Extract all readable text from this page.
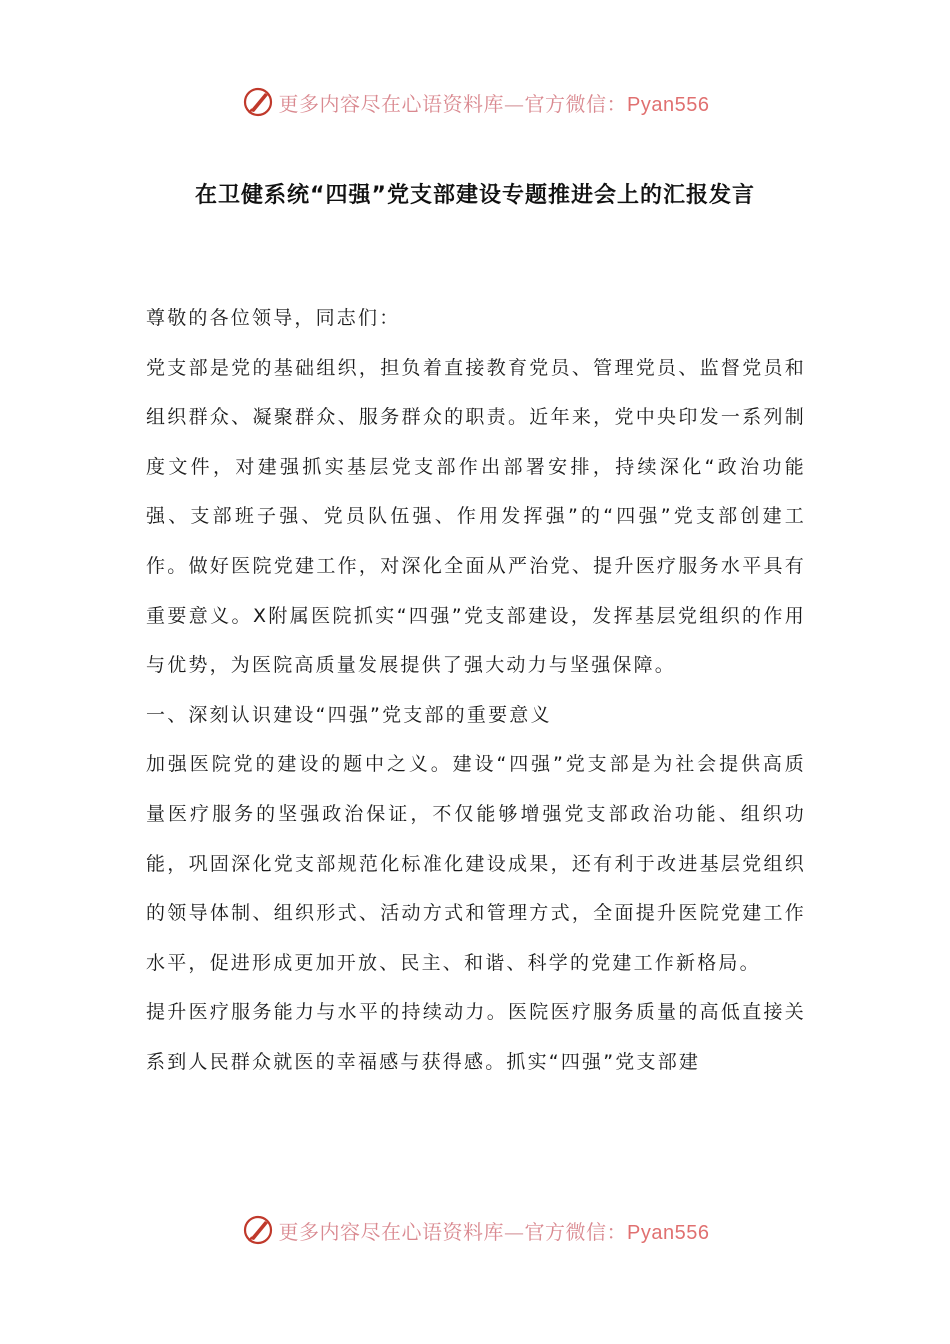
更多内容尽在心语资料库—官方微信：Pyan556
在卫健系统“四强”党支部建设专题推进会上的汇报发言

尊敬的各位领导，同志们：

党支部是党的基础组织，担负着直接教育党员、管理党员、监督党员和组织群众、凝聚群众、服务群众的职责。近年来，党中央印发一系列制度文件，对建强抓实基层党支部作出部署安排，持续深化“政治功能强、支部班子强、党员队伍强、作用发挥强”的“四强”党支部创建工作。做好医院党建工作，对深化全面从严治党、提升医疗服务水平具有重要意义。X附属医院抓实“四强”党支部建设，发挥基层党组织的作用与优势，为医院高质量发展提供了强大动力与坚强保障。

一、深刻认识建设“四强”党支部的重要意义

加强医院党的建设的题中之义。建设“四强”党支部是为社会提供高质量医疗服务的坚强政治保证，不仅能够增强党支部政治功能、组织功能，巩固深化党支部规范化标准化建设成果，还有利于改进基层党组织的领导体制、组织形式、活动方式和管理方式，全面提升医院党建工作水平，促进形成更加开放、民主、和谐、科学的党建工作新格局。

提升医疗服务能力与水平的持续动力。医院医疗服务质量的高低直接关系到人民群众就医的幸福感与获得感。抓实“四强”党支部建

更多内容尽在心语资料库—官方微信：Pyan556
